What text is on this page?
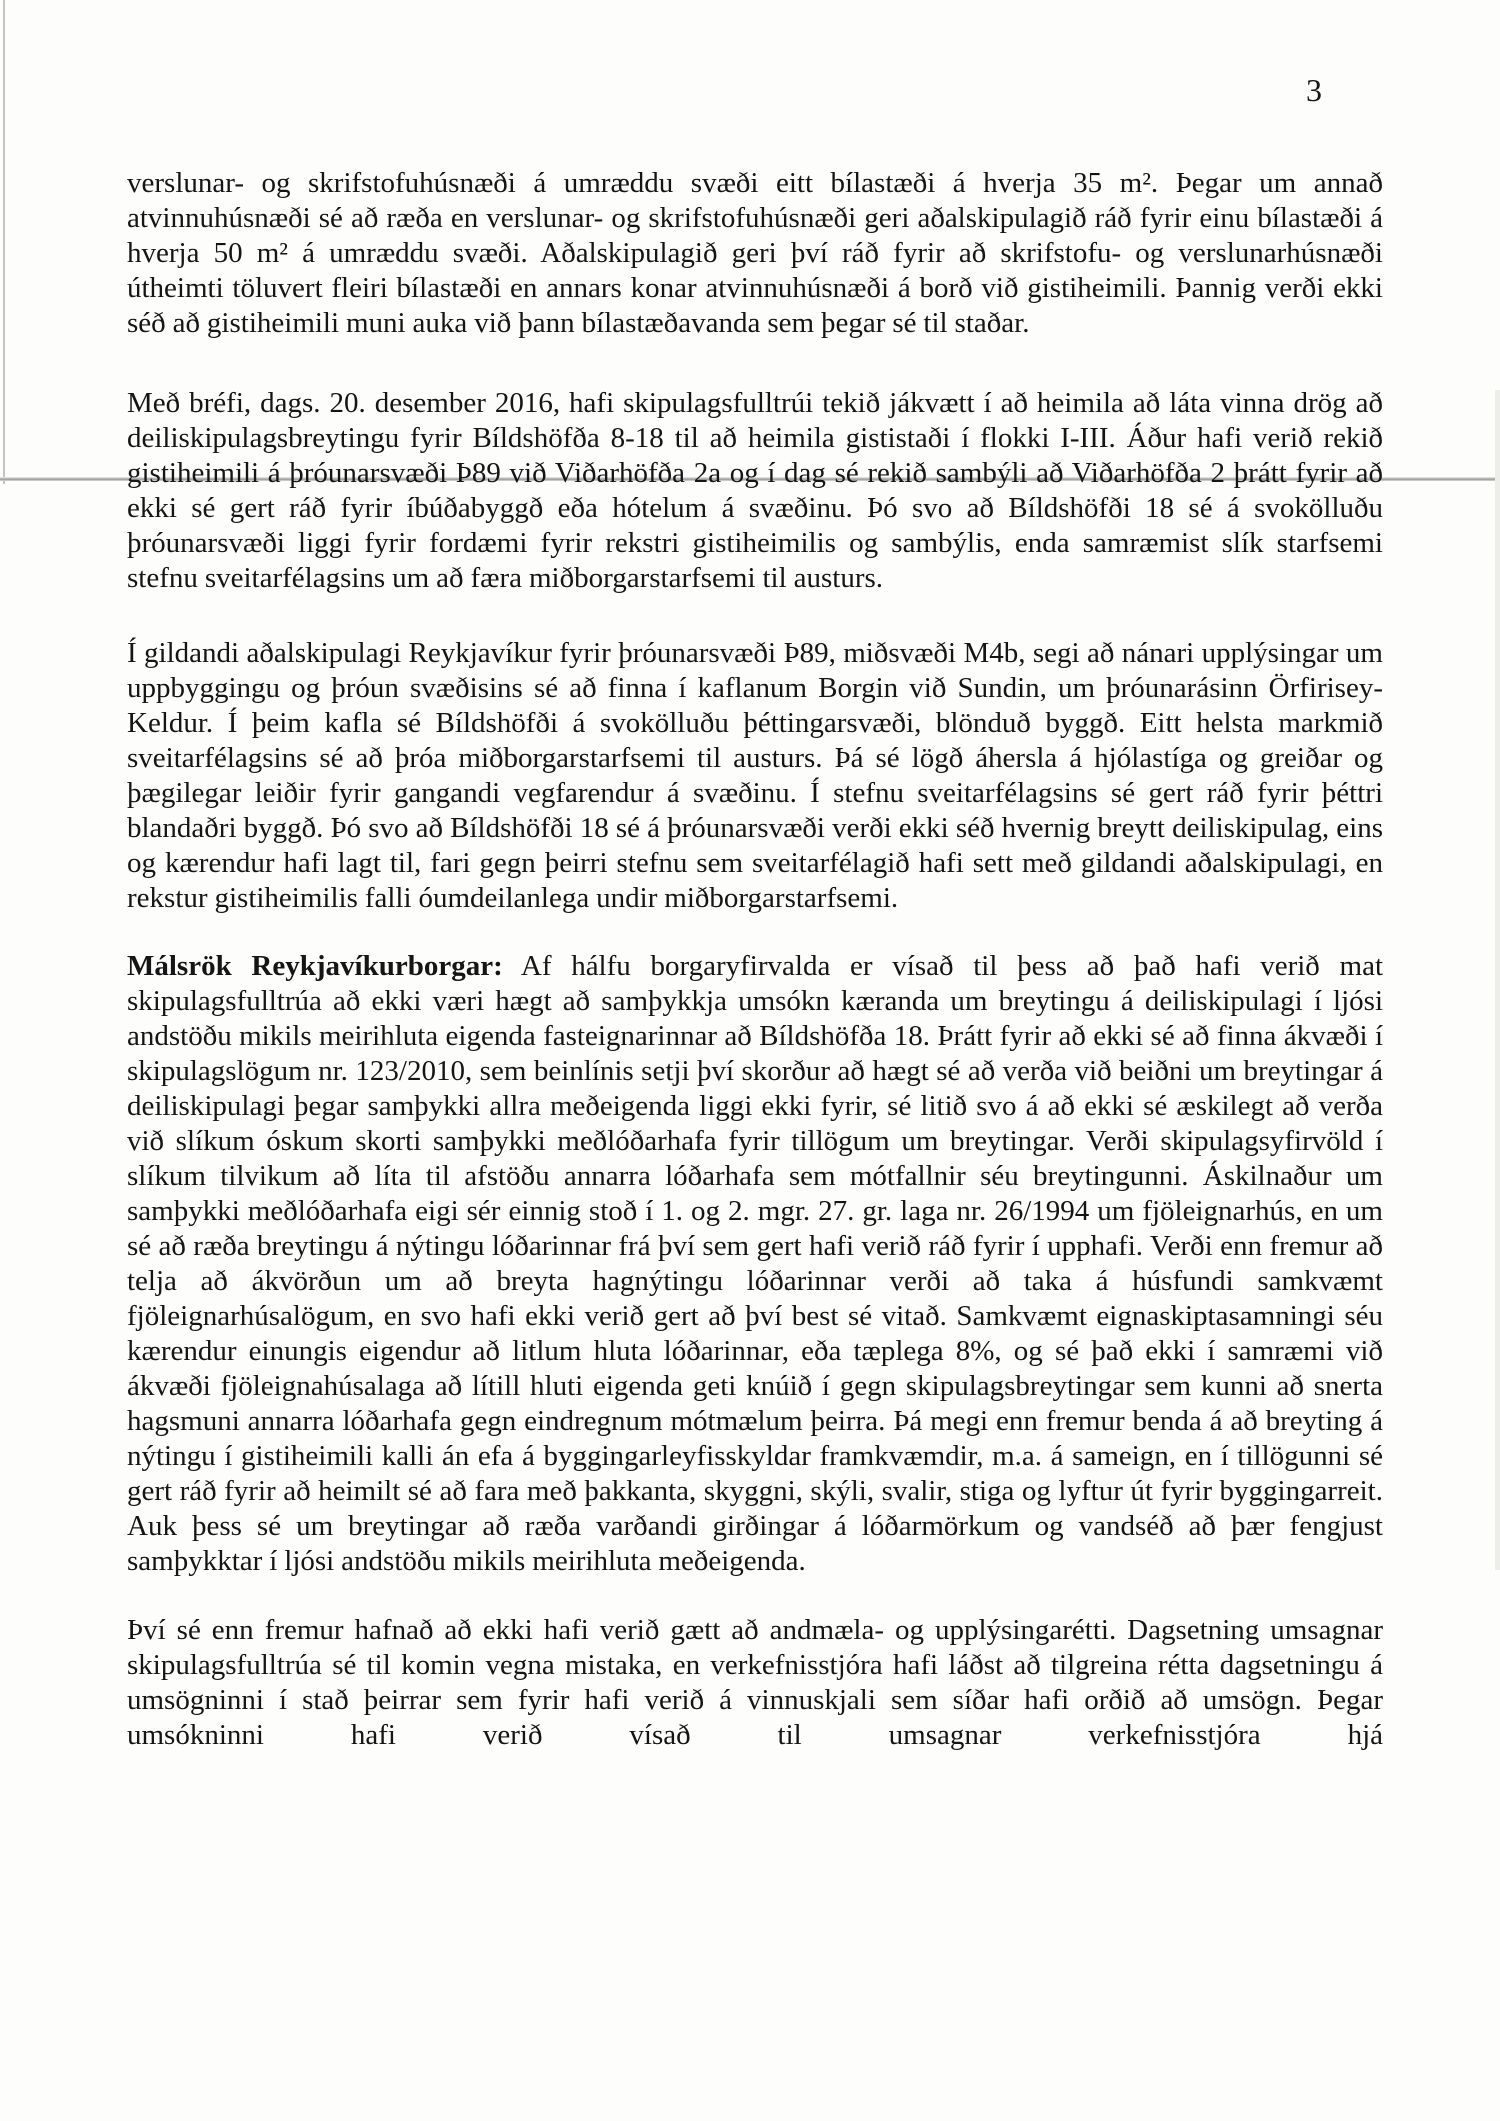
3

verslunar- og skrifstofuhúsnæði á umræddu svæði eitt bílastæði á hverja 35 m². Þegar um annað atvinnuhúsnæði sé að ræða en verslunar- og skrifstofuhúsnæði geri aðalskipulagið ráð fyrir einu bílastæði á hverja 50 m² á umræddu svæði. Aðalskipulagið geri því ráð fyrir að skrifstofu- og verslunarhúsnæði útheimti töluvert fleiri bílastæði en annars konar atvinnuhúsnæði á borð við gistiheimili. Þannig verði ekki séð að gistiheimili muni auka við þann bílastæðavanda sem þegar sé til staðar.

Með bréfi, dags. 20. desember 2016, hafi skipulagsfulltrúi tekið jákvætt í að heimila að láta vinna drög að deiliskipulagsbreytingu fyrir Bíldshöfða 8-18 til að heimila gististaði í flokki I-III. Áður hafi verið rekið gistiheimili á þróunarsvæði Þ89 við Viðarhöfða 2a og í dag sé rekið sambýli að Viðarhöfða 2 þrátt fyrir að ekki sé gert ráð fyrir íbúðabyggð eða hótelum á svæðinu. Þó svo að Bíldshöfði 18 sé á svokölluðu þróunarsvæði liggi fyrir fordæmi fyrir rekstri gistiheimilis og sambýlis, enda samræmist slík starfsemi stefnu sveitarfélagsins um að færa miðborgarstarfsemi til austurs.

Í gildandi aðalskipulagi Reykjavíkur fyrir þróunarsvæði Þ89, miðsvæði M4b, segi að nánari upplýsingar um uppbyggingu og þróun svæðisins sé að finna í kaflanum Borgin við Sundin, um þróunarásinn Örfirisey-Keldur. Í þeim kafla sé Bíldshöfði á svokölluðu þéttingarsvæði, blönduð byggð. Eitt helsta markmið sveitarfélagsins sé að þróa miðborgarstarfsemi til austurs. Þá sé lögð áhersla á hjólastíga og greiðar og þægilegar leiðir fyrir gangandi vegfarendur á svæðinu. Í stefnu sveitarfélagsins sé gert ráð fyrir þéttri blandaðri byggð. Þó svo að Bíldshöfði 18 sé á þróunarsvæði verði ekki séð hvernig breytt deiliskipulag, eins og kærendur hafi lagt til, fari gegn þeirri stefnu sem sveitarfélagið hafi sett með gildandi aðalskipulagi, en rekstur gistiheimilis falli óumdeilanlega undir miðborgarstarfsemi.

Málsrök Reykjavíkurborgar: Af hálfu borgaryfirvalda er vísað til þess að það hafi verið mat skipulagsfulltrúa að ekki væri hægt að samþykkja umsókn kæranda um breytingu á deiliskipulagi í ljósi andstöðu mikils meirihluta eigenda fasteignarinnar að Bíldshöfða 18. Þrátt fyrir að ekki sé að finna ákvæði í skipulagslögum nr. 123/2010, sem beinlínis setji því skorður að hægt sé að verða við beiðni um breytingar á deiliskipulagi þegar samþykki allra meðeigenda liggi ekki fyrir, sé litið svo á að ekki sé æskilegt að verða við slíkum óskum skorti samþykki meðlóðarhafa fyrir tillögum um breytingar. Verði skipulagsyfirvöld í slíkum tilvikum að líta til afstöðu annarra lóðarhafa sem mótfallnir séu breytingunni. Áskilnaður um samþykki meðlóðarhafa eigi sér einnig stoð í 1. og 2. mgr. 27. gr. laga nr. 26/1994 um fjöleignarhús, en um sé að ræða breytingu á nýtingu lóðarinnar frá því sem gert hafi verið ráð fyrir í upphafi. Verði enn fremur að telja að ákvörðun um að breyta hagnýtingu lóðarinnar verði að taka á húsfundi samkvæmt fjöleignarhúsalögum, en svo hafi ekki verið gert að því best sé vitað. Samkvæmt eignaskiptasamningi séu kærendur einungis eigendur að litlum hluta lóðarinnar, eða tæplega 8%, og sé það ekki í samræmi við ákvæði fjöleignahúsalaga að lítill hluti eigenda geti knúið í gegn skipulagsbreytingar sem kunni að snerta hagsmuni annarra lóðarhafa gegn eindregnum mótmælum þeirra. Þá megi enn fremur benda á að breyting á nýtingu í gistiheimili kalli án efa á byggingarleyfisskyldar framkvæmdir, m.a. á sameign, en í tillögunni sé gert ráð fyrir að heimilt sé að fara með þakkanta, skyggni, skýli, svalir, stiga og lyftur út fyrir byggingarreit. Auk þess sé um breytingar að ræða varðandi girðingar á lóðarmörkum og vandséð að þær fengjust samþykktar í ljósi andstöðu mikils meirihluta meðeigenda.

Því sé enn fremur hafnað að ekki hafi verið gætt að andmæla- og upplýsingarétti. Dagsetning umsagnar skipulagsfulltrúa sé til komin vegna mistaka, en verkefnisstjóra hafi láðst að tilgreina rétta dagsetningu á umsögninni í stað þeirrar sem fyrir hafi verið á vinnuskjali sem síðar hafi orðið að umsögn. Þegar umsókninni hafi verið vísað til umsagnar verkefnisstjóra hjá
